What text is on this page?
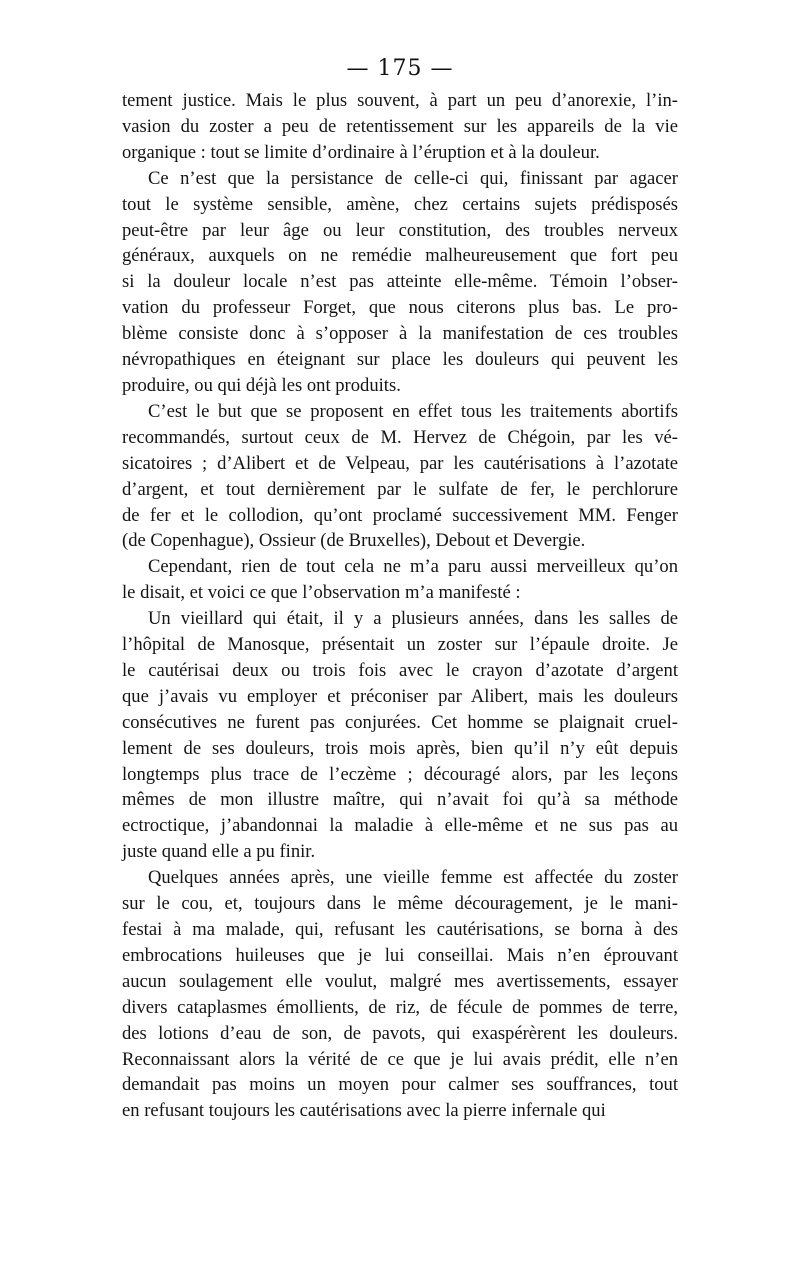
— 175 —
tement justice. Mais le plus souvent, à part un peu d’anorexie, l’in-
vasion du zoster a peu de retentissement sur les appareils de la vie
organique : tout se limite d’ordinaire à l’éruption et à la douleur.
Ce n’est que la persistance de celle-ci qui, finissant par agacer
tout le système sensible, amène, chez certains sujets prédisposés
peut-être par leur âge ou leur constitution, des troubles nerveux
généraux, auxquels on ne remédie malheureusement que fort peu
si la douleur locale n’est pas atteinte elle-même. Témoin l’obser-
vation du professeur Forget, que nous citerons plus bas. Le pro-
blème consiste donc à s’opposer à la manifestation de ces troubles
névropathiques en éteignant sur place les douleurs qui peuvent les
produire, ou qui déjà les ont produits.
C’est le but que se proposent en effet tous les traitements abortifs
recommandés, surtout ceux de M. Hervez de Chégoin, par les vé-
sicatoires ; d’Alibert et de Velpeau, par les cautérisations à l’azotate
d’argent, et tout dernièrement par le sulfate de fer, le perchlorure
de fer et le collodion, qu’ont proclamé successivement MM. Fenger
(de Copenhague), Ossieur (de Bruxelles), Debout et Devergie.
Cependant, rien de tout cela ne m’a paru aussi merveilleux qu’on
le disait, et voici ce que l’observation m’a manifesté :
Un vieillard qui était, il y a plusieurs années, dans les salles de
l’hôpital de Manosque, présentait un zoster sur l’épaule droite. Je
le cautérisai deux ou trois fois avec le crayon d’azotate d’argent
que j’avais vu employer et préconiser par Alibert, mais les douleurs
consécutives ne furent pas conjurées. Cet homme se plaignait cruel-
lement de ses douleurs, trois mois après, bien qu’il n’y eût depuis
longtemps plus trace de l’eczème ; découragé alors, par les leçons
mêmes de mon illustre maître, qui n’avait foi qu’à sa méthode
ectroctique, j’abandonnai la maladie à elle-même et ne sus pas au
juste quand elle a pu finir.
Quelques années après, une vieille femme est affectée du zoster
sur le cou, et, toujours dans le même découragement, je le mani-
festai à ma malade, qui, refusant les cautérisations, se borna à des
embrocations huileuses que je lui conseillai. Mais n’en éprouvant
aucun soulagement elle voulut, malgré mes avertissements, essayer
divers cataplasmes émollients, de riz, de fécule de pommes de terre,
des lotions d’eau de son, de pavots, qui exaspérèrent les douleurs.
Reconnaissant alors la vérité de ce que je lui avais prédit, elle n’en
demandait pas moins un moyen pour calmer ses souffrances, tout
en refusant toujours les cautérisations avec la pierre infernale qui
